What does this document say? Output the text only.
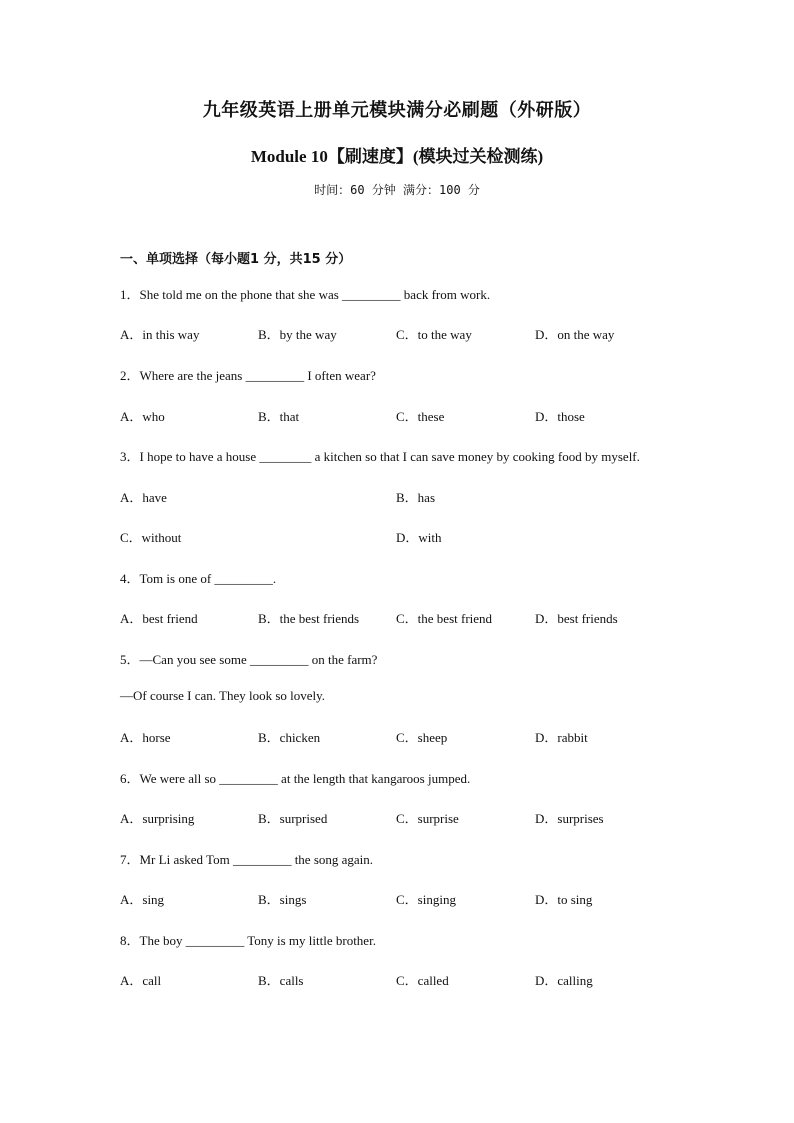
九年级英语上册单元模块满分必刷题（外研版）
Module 10【刷速度】(模块过关检测练)
时间：60 分钟 满分：100 分
一、单项选择（每小题1 分，共15 分）
1．She told me on the phone that she was _________ back from work.
A．in this way	B．by the way	C．to the way	D．on the way
2．Where are the jeans _________ I often wear?
A．who	B．that	C．these	D．those
3．I hope to have a house ________ a kitchen so that I can save money by cooking food by myself.
A．have	B．has
C．without	D．with
4．Tom is one of _________.
A．best friend	B．the best friends	C．the best friend	D．best friends
5．—Can you see some _________ on the farm?
—Of course I can. They look so lovely.
A．horse	B．chicken	C．sheep	D．rabbit
6．We were all so _________ at the length that kangaroos jumped.
A．surprising	B．surprised	C．surprise	D．surprises
7．Mr Li asked Tom _________ the song again.
A．sing	B．sings	C．singing	D．to sing
8．The boy _________ Tony is my little brother.
A．call	B．calls	C．called	D．calling
